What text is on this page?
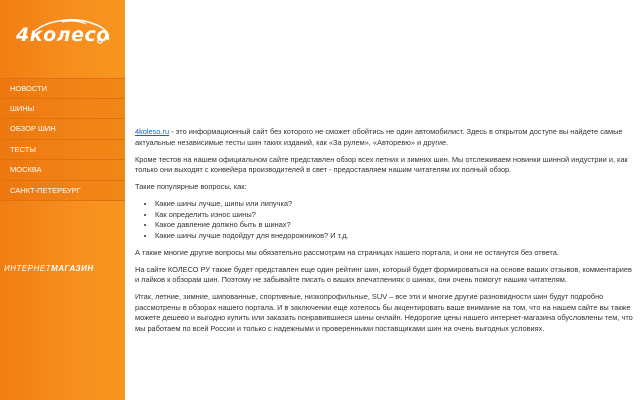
4колесо
НОВОСТИ
ШИНЫ
ОБЗОР ШИН
ТЕСТЫ
МОСКВА
САНКТ-ПЕТЕРБУРГ
ИНТЕРНЕТМАГАЗИН

4koleso.ru - это информационный сайт без которого не сможет обойтись не один автомобилист. Здесь в открытом доступе вы найдете самые актуальные независимые тесты шин таких изданий, как «За рулем», «Авторевю» и другие.

Кроме тестов на нашем официальном сайте представлен обзор всех летних и зимних шин. Мы отслеживаем новинки шинной индустрии и, как только они выходят с конвейера производителей в свет - предоставляем нашим читателям их полный обзор.

Такие популярные вопросы, как:

• Какие шины лучше, шипы или липучка?
• Как определить износ шины?
• Какое давление должно быть в шинах?
• Какие шины лучше подойдут для внедорожников? И т.д.

А также многие другие вопросы мы обязательно рассмотрим на страницах нашего портала, и они не останутся без ответа.

На сайте КОЛЕСО РУ также будет представлен еще один рейтинг шин, который будет формироваться на основе ваших отзывов, комментариев и лайков к обзорам шин. Поэтому не забывайте писать о ваших впечатлениях о шинах, они очень помогут нашим читателям.

Итак, летние, зимние, шипованные, спортивные, низкопрофильные, SUV – все эти и многие другие разновидности шин будут подробно рассмотрены в обзорах нашего портала. И в заключении еще хотелось бы акцентировать ваше внимание на том, что на нашем сайте вы также можете дешево и выгодно купить или заказать понравившиеся шины онлайн. Недорогие цены нашего интернет-магазина обусловлены тем, что мы работаем по всей России и только с надежными и проверенными поставщиками шин на очень выгодных условиях.
